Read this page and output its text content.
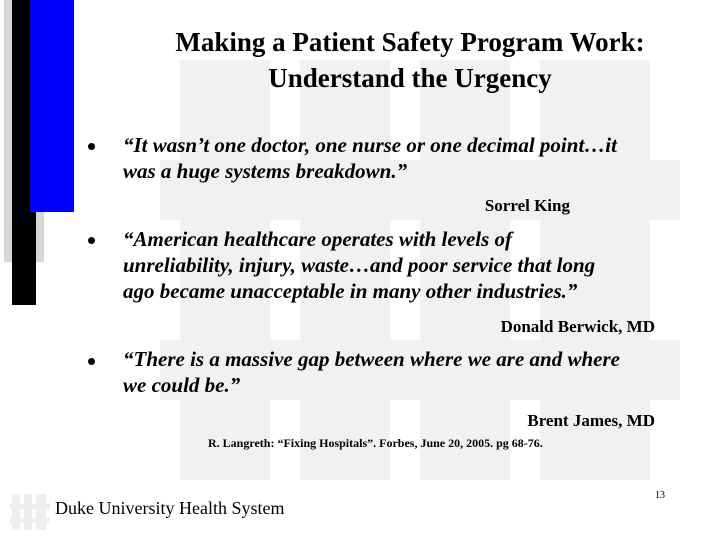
Making a Patient Safety Program Work:
Understand the Urgency
“It wasn’t one doctor, one nurse or one decimal point…it
was a huge systems breakdown.”
Sorrel King
“American healthcare operates with levels of
unreliability, injury, waste…and poor service that long
ago became unacceptable in many other industries.”
Donald Berwick, MD
“There is a massive gap between where we are and where
we could be.”
Brent James, MD
R. Langreth: “Fixing Hospitals”. Forbes, June 20, 2005. pg 68-76.
Duke University Health System
13
